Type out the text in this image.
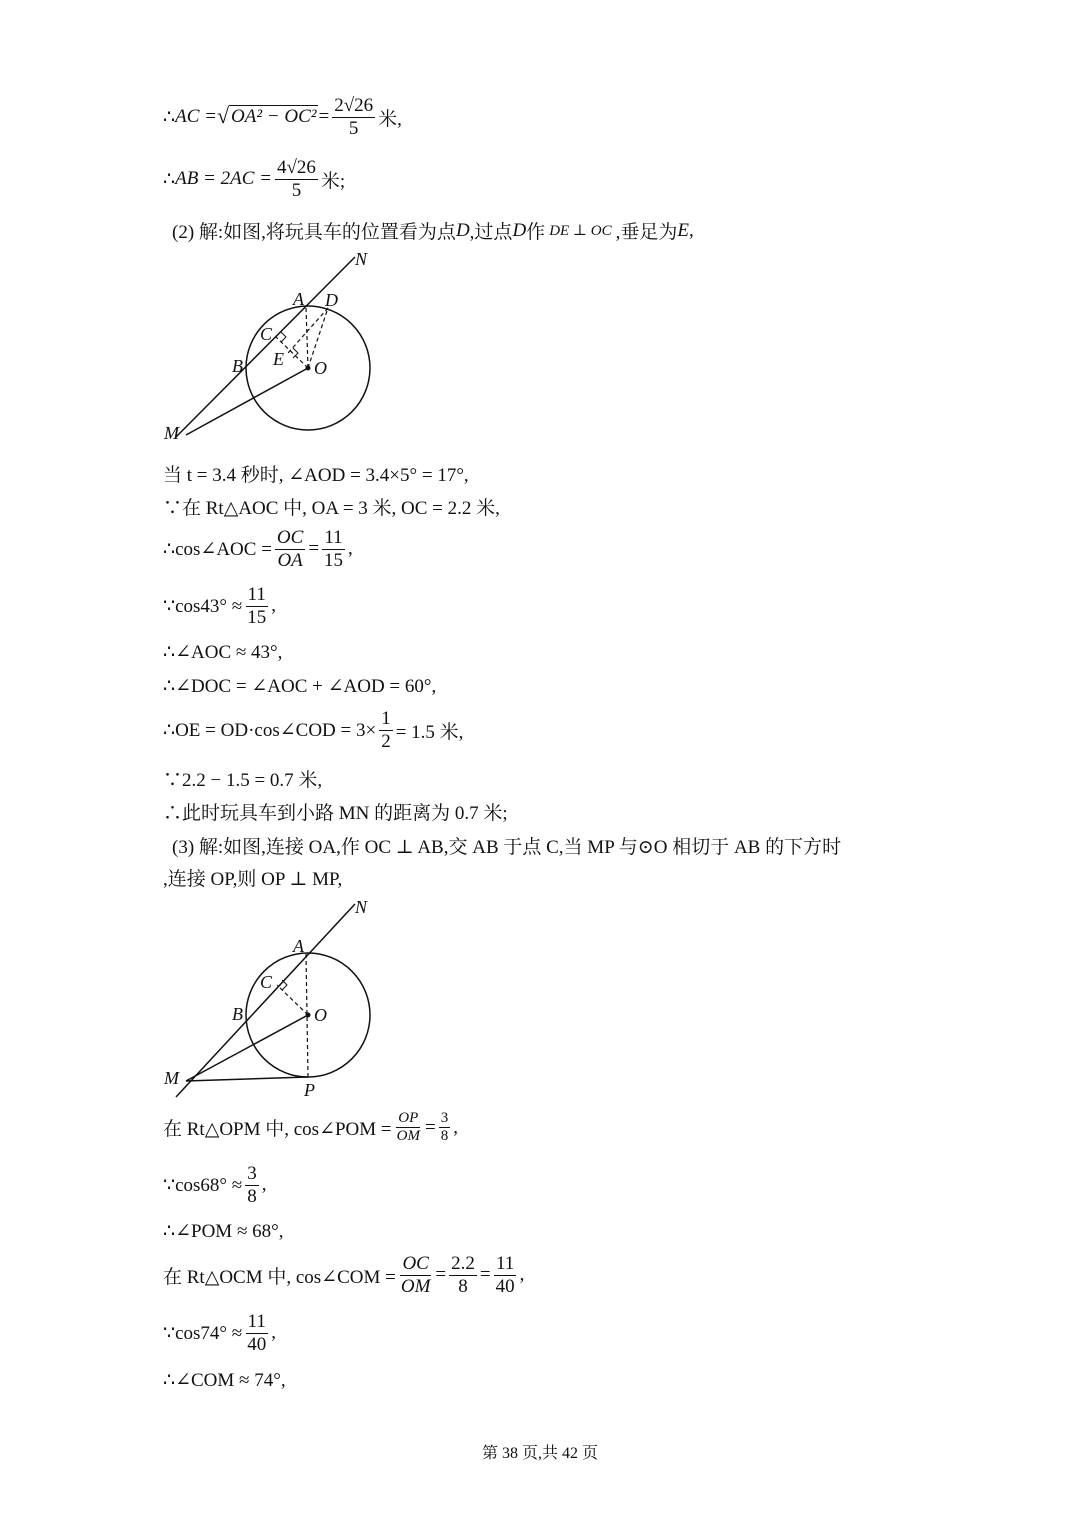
∴ AC = √ $OA^2 - OC^2 = \frac{2√26}{5}$ 米,
∴ AB = $2AC = \frac{4√26}{5}$ 米;
(2) 解:如图,将玩具车的位置看为点 D ,过点 D 作 DE ⊥ OC ,垂足为 E ,
N
A D
C
E
B	O
M
当 t = 3.4 秒时, ∠AOD = 3.4×5° = 17°,
∵在 Rt△AOC 中, OA = 3 米, OC = 2.2 米,
∴cos∠AOC = $\frac{OC}{OA} = \frac{11}{15}$ ,
∵cos43° ≈ $\frac{11}{15}$ ,
∴∠AOC ≈ 43°,
∴∠DOC = ∠AOC + ∠AOD = 60°,
∴OE = OD·cos∠COD = $3\times \frac{1}{2} = 1.5$ 米,
∵2.2 − 1.5 = 0.7 米,
∴此时玩具车到小路 MN 的距离为 0.7 米;
(3) 解:如图,连接 OA,作 OC ⊥ AB,交 AB 于点 C,当 MP 与⊙O 相切于 AB 的下方时
,连接 OP,则 OP ⊥ MP,
N
A
C
B	O
M
P
在 Rt△OPM 中, cos∠POM = $\frac{OP}{OM} = \frac{3}{8}$ ,
∵cos68° ≈ $\frac{3}{8}$ ,
∴∠POM ≈ 68°,
在 Rt△OCM 中, cos∠COM = $\frac{OC}{OM} = \frac{2.2}{8} = \frac{11}{40}$ ,
∵cos74° ≈ $\frac{11}{40}$ ,
∴∠COM ≈ 74°,
第 38 页,共 42 页
